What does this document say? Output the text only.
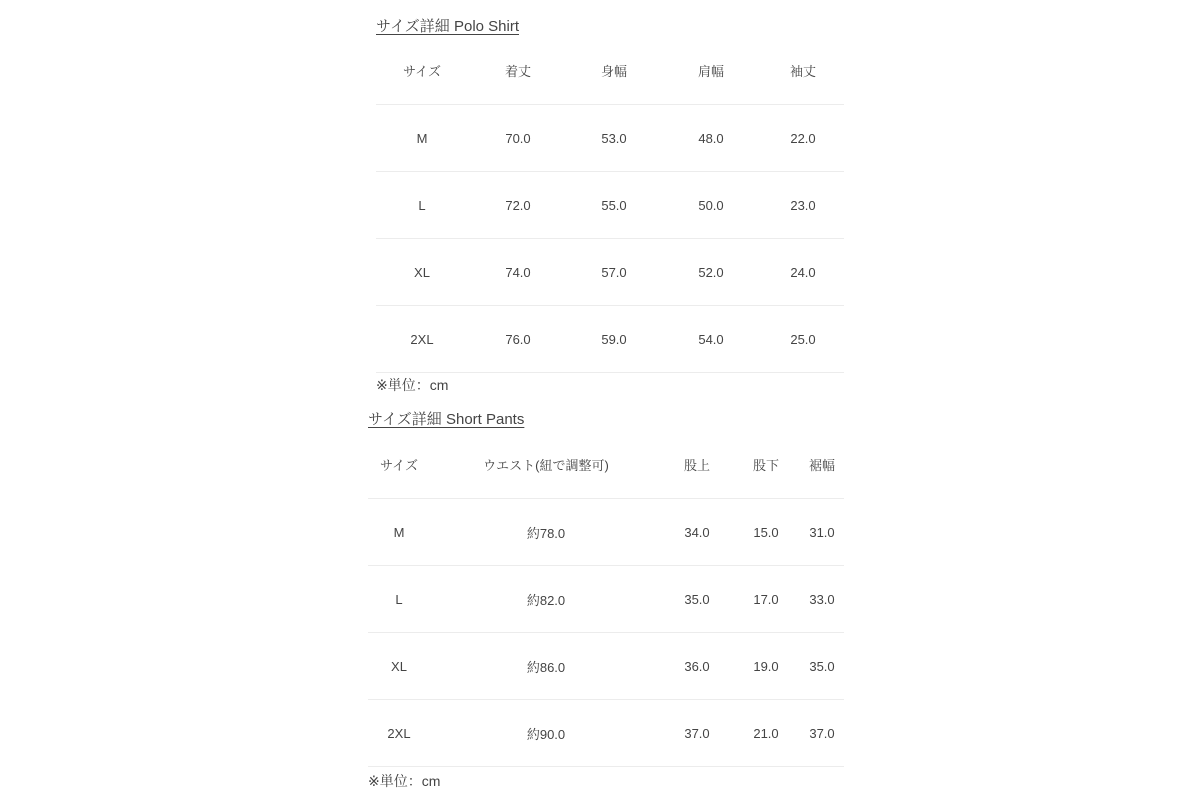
サイズ詳細 Polo Shirt
サイズ	着丈	身幅	肩幅	袖丈
M	70.0	53.0	48.0	22.0
L	72.0	55.0	50.0	23.0
XL	74.0	57.0	52.0	24.0
2XL	76.0	59.0	54.0	25.0
※単位：cm
サイズ詳細 Short Pants
サイズ	ウエスト(紐で調整可)	股上	股下	裾幅
M	約78.0	34.0	15.0	31.0
L	約82.0	35.0	17.0	33.0
XL	約86.0	36.0	19.0	35.0
2XL	約90.0	37.0	21.0	37.0
※単位：cm
